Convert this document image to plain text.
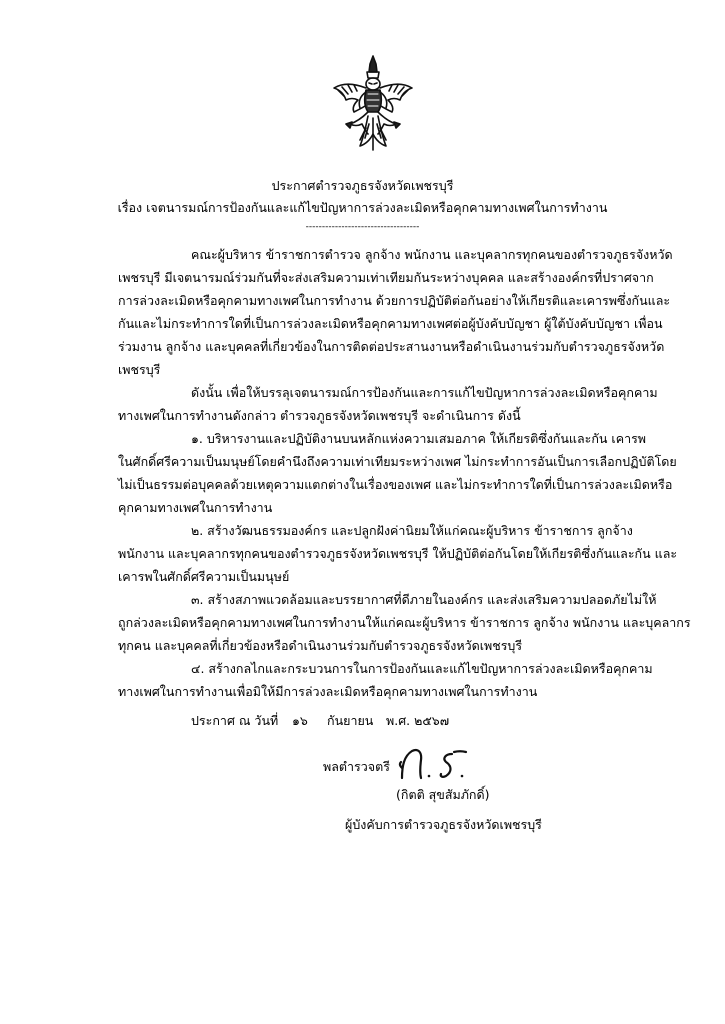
ประกาศตำรวจภูธรจังหวัดเพชรบุรี
เรื่อง เจตนารมณ์การป้องกันและแก้ไขปัญหาการล่วงละเมิดหรือคุกคามทางเพศในการทำงาน
-----------------------------------
คณะผู้บริหาร ข้าราชการตำรวจ ลูกจ้าง พนักงาน และบุคลากรทุกคนของตำรวจภูธรจังหวัด
เพชรบุรี มีเจตนารมณ์ร่วมกันที่จะส่งเสริมความเท่าเทียมกันระหว่างบุคคล และสร้างองค์กรที่ปราศจาก
การล่วงละเมิดหรือคุกคามทางเพศในการทำงาน ด้วยการปฏิบัติต่อกันอย่างให้เกียรติและเคารพซึ่งกันและ
กันและไม่กระทำการใดที่เป็นการล่วงละเมิดหรือคุกคามทางเพศต่อผู้บังคับบัญชา ผู้ใต้บังคับบัญชา เพื่อน
ร่วมงาน ลูกจ้าง และบุคคลที่เกี่ยวข้องในการติดต่อประสานงานหรือดำเนินงานร่วมกับตำรวจภูธรจังหวัด
เพชรบุรี
ดังนั้น เพื่อให้บรรลุเจตนารมณ์การป้องกันและการแก้ไขปัญหาการล่วงละเมิดหรือคุกคาม
ทางเพศในการทำงานดังกล่าว ตำรวจภูธรจังหวัดเพชรบุรี จะดำเนินการ ดังนี้
๑. บริหารงานและปฏิบัติงานบนหลักแห่งความเสมอภาค ให้เกียรติซึ่งกันและกัน เคารพ
ในศักดิ์ศรีความเป็นมนุษย์โดยคำนึงถึงความเท่าเทียมระหว่างเพศ ไม่กระทำการอันเป็นการเลือกปฏิบัติโดย
ไม่เป็นธรรมต่อบุคคลด้วยเหตุความแตกต่างในเรื่องของเพศ และไม่กระทำการใดที่เป็นการล่วงละเมิดหรือ
คุกคามทางเพศในการทำงาน
๒. สร้างวัฒนธรรมองค์กร และปลูกฝังค่านิยมให้แก่คณะผู้บริหาร ข้าราชการ ลูกจ้าง
พนักงาน และบุคลากรทุกคนของตำรวจภูธรจังหวัดเพชรบุรี ให้ปฏิบัติต่อกันโดยให้เกียรติซึ่งกันและกัน และ
เคารพในศักดิ์ศรีความเป็นมนุษย์
๓. สร้างสภาพแวดล้อมและบรรยากาศที่ดีภายในองค์กร และส่งเสริมความปลอดภัยไม่ให้
ถูกล่วงละเมิดหรือคุกคามทางเพศในการทำงานให้แก่คณะผู้บริหาร ข้าราชการ ลูกจ้าง พนักงาน และบุคลากร
ทุกคน และบุคคลที่เกี่ยวข้องหรือดำเนินงานร่วมกับตำรวจภูธรจังหวัดเพชรบุรี
๔. สร้างกลไกและกระบวนการในการป้องกันและแก้ไขปัญหาการล่วงละเมิดหรือคุกคาม
ทางเพศในการทำงานเพื่อมิให้มีการล่วงละเมิดหรือคุกคามทางเพศในการทำงาน
ประกาศ ณ วันที่ ๑๖ กันยายน พ.ศ. ๒๕๖๗
พลตำรวจตรี
(กิตติ สุขสัมภักดิ์)
ผู้บังคับการตำรวจภูธรจังหวัดเพชรบุรี
